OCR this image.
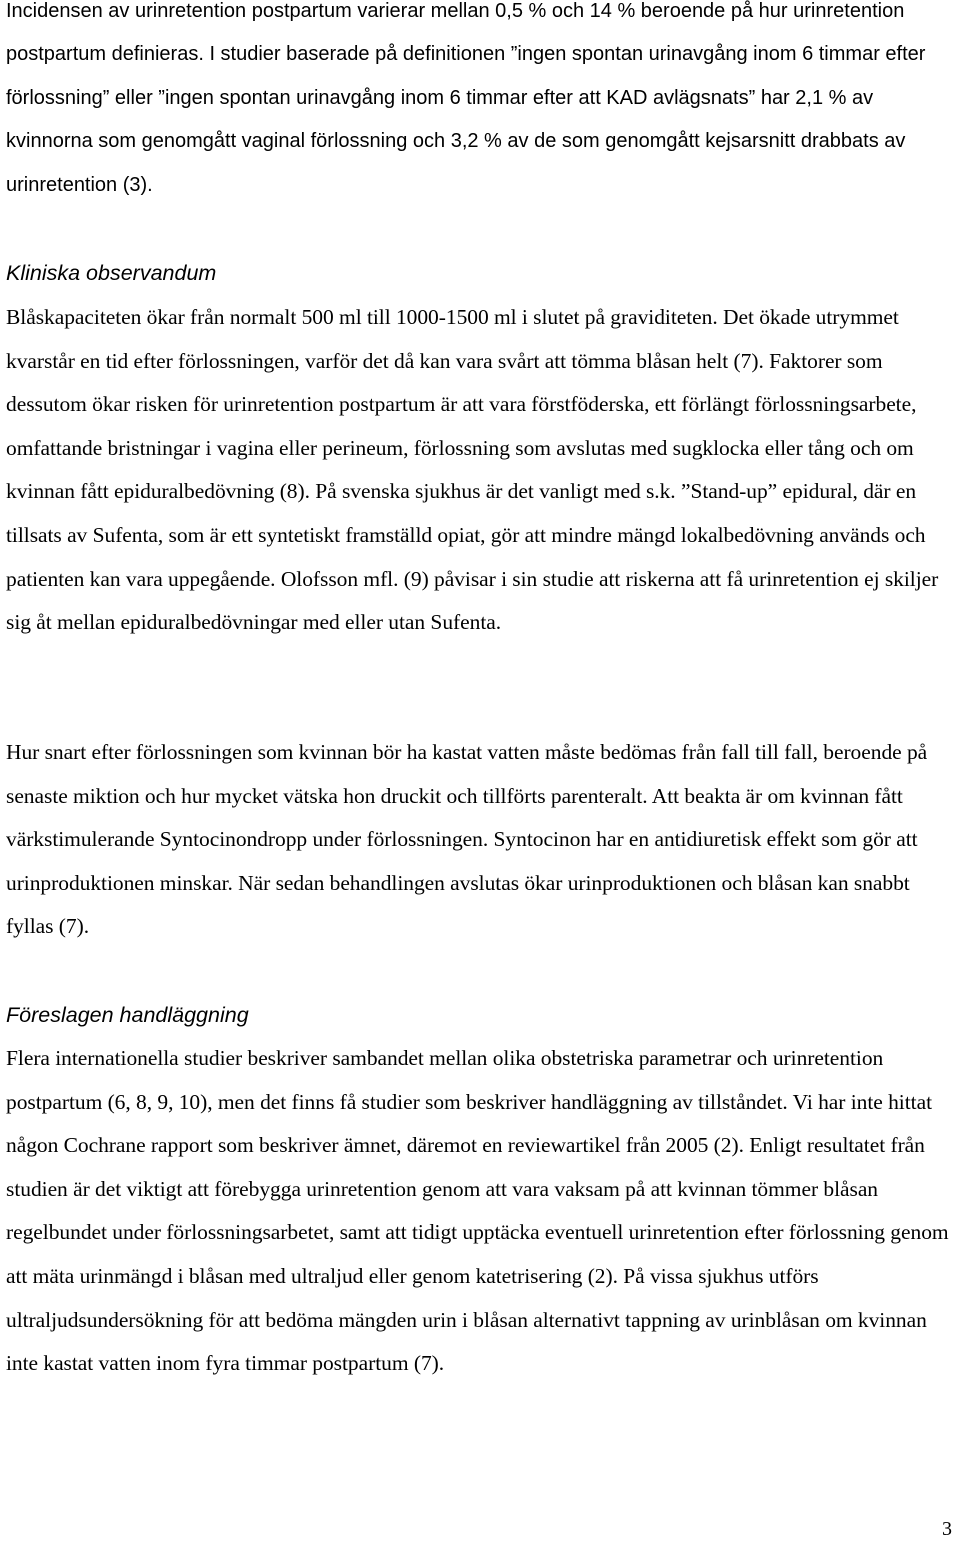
Incidensen av urinretention postpartum varierar mellan 0,5 % och 14 % beroende på hur urinretention postpartum definieras. I studier baserade på definitionen ”ingen spontan urinavgång inom 6 timmar efter förlossning” eller ”ingen spontan urinavgång inom 6 timmar efter att KAD avlägsnats” har 2,1 % av kvinnorna som genomgått vaginal förlossning och 3,2 % av de som genomgått kejsarsnitt drabbats av urinretention (3).

Kliniska observandum

Blåskapaciteten ökar från normalt 500 ml till 1000-1500 ml i slutet på graviditeten. Det ökade utrymmet kvarstår en tid efter förlossningen, varför det då kan vara svårt att tömma blåsan helt (7). Faktorer som dessutom ökar risken för urinretention postpartum är att vara förstföderska, ett förlängt förlossningsarbete, omfattande bristningar i vagina eller perineum, förlossning som avslutas med sugklocka eller tång och om kvinnan fått epiduralbedövning (8). På svenska sjukhus är det vanligt med s.k. ”Stand-up” epidural, där en tillsats av Sufenta, som är ett syntetiskt framställd opiat, gör att mindre mängd lokalbedövning används och patienten kan vara uppegående. Olofsson mfl. (9) påvisar i sin studie att riskerna att få urinretention ej skiljer sig åt mellan epiduralbedövningar med eller utan Sufenta.

Hur snart efter förlossningen som kvinnan bör ha kastat vatten måste bedömas från fall till fall, beroende på senaste miktion och hur mycket vätska hon druckit och tillförts parenteralt. Att beakta är om kvinnan fått värkstimulerande Syntocinondropp under förlossningen. Syntocinon har en antidiuretisk effekt som gör att urinproduktionen minskar. När sedan behandlingen avslutas ökar urinproduktionen och blåsan kan snabbt fyllas (7).

Föreslagen handläggning

Flera internationella studier beskriver sambandet mellan olika obstetriska parametrar och urinretention postpartum (6, 8, 9, 10), men det finns få studier som beskriver handläggning av tillståndet. Vi har inte hittat någon Cochrane rapport som beskriver ämnet, däremot en reviewartikel från 2005 (2). Enligt resultatet från studien är det viktigt att förebygga urinretention genom att vara vaksam på att kvinnan tömmer blåsan regelbundet under förlossningsarbetet, samt att tidigt upptäcka eventuell urinretention efter förlossning genom att mäta urinmängd i blåsan med ultraljud eller genom katetrisering (2). På vissa sjukhus utförs ultraljudsundersökning för att bedöma mängden urin i blåsan alternativt tappning av urinblåsan om kvinnan inte kastat vatten inom fyra timmar postpartum (7).

3
